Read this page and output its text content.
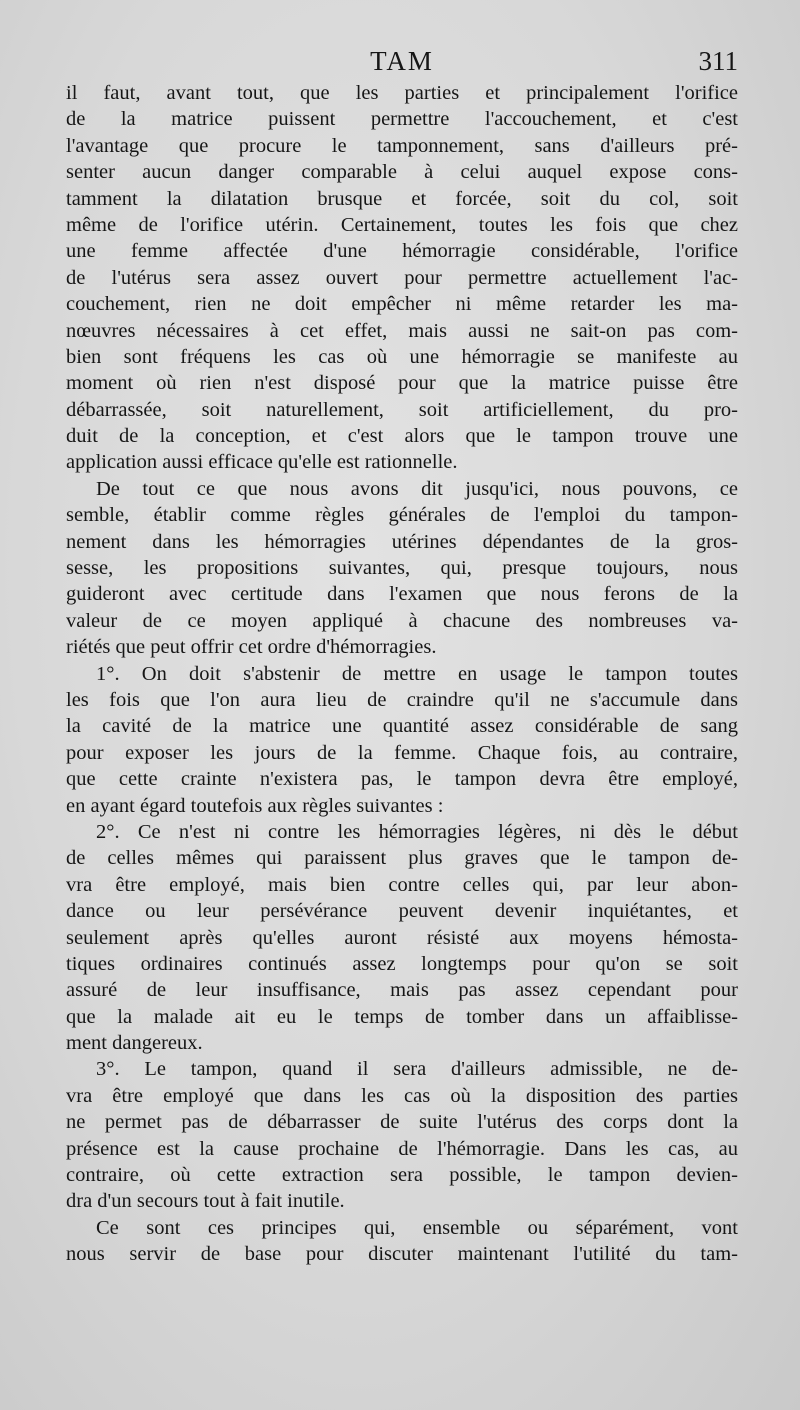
TAM	311
il faut, avant tout, que les parties et principalement l'orifice
de la matrice puissent permettre l'accouchement, et c'est
l'avantage que procure le tamponnement, sans d'ailleurs pré-
senter aucun danger comparable à celui auquel expose cons-
tamment la dilatation brusque et forcée, soit du col, soit
même de l'orifice utérin. Certainement, toutes les fois que chez
une femme affectée d'une hémorragie considérable, l'orifice
de l'utérus sera assez ouvert pour permettre actuellement l'ac-
couchement, rien ne doit empêcher ni même retarder les ma-
nœuvres nécessaires à cet effet, mais aussi ne sait-on pas com-
bien sont fréquens les cas où une hémorragie se manifeste au
moment où rien n'est disposé pour que la matrice puisse être
débarrassée, soit naturellement, soit artificiellement, du pro-
duit de la conception, et c'est alors que le tampon trouve une
application aussi efficace qu'elle est rationnelle.
De tout ce que nous avons dit jusqu'ici, nous pouvons, ce
semble, établir comme règles générales de l'emploi du tampon-
nement dans les hémorragies utérines dépendantes de la gros-
sesse, les propositions suivantes, qui, presque toujours, nous
guideront avec certitude dans l'examen que nous ferons de la
valeur de ce moyen appliqué à chacune des nombreuses va-
riétés que peut offrir cet ordre d'hémorragies.
1°. On doit s'abstenir de mettre en usage le tampon toutes
les fois que l'on aura lieu de craindre qu'il ne s'accumule dans
la cavité de la matrice une quantité assez considérable de sang
pour exposer les jours de la femme. Chaque fois, au contraire,
que cette crainte n'existera pas, le tampon devra être employé,
en ayant égard toutefois aux règles suivantes :
2°. Ce n'est ni contre les hémorragies légères, ni dès le début
de celles mêmes qui paraissent plus graves que le tampon de-
vra être employé, mais bien contre celles qui, par leur abon-
dance ou leur persévérance peuvent devenir inquiétantes, et
seulement après qu'elles auront résisté aux moyens hémosta-
tiques ordinaires continués assez longtemps pour qu'on se soit
assuré de leur insuffisance, mais pas assez cependant pour
que la malade ait eu le temps de tomber dans un affaiblisse-
ment dangereux.
3°. Le tampon, quand il sera d'ailleurs admissible, ne de-
vra être employé que dans les cas où la disposition des parties
ne permet pas de débarrasser de suite l'utérus des corps dont la
présence est la cause prochaine de l'hémorragie. Dans les cas, au
contraire, où cette extraction sera possible, le tampon devien-
dra d'un secours tout à fait inutile.
Ce sont ces principes qui, ensemble ou séparément, vont
nous servir de base pour discuter maintenant l'utilité du tam-
